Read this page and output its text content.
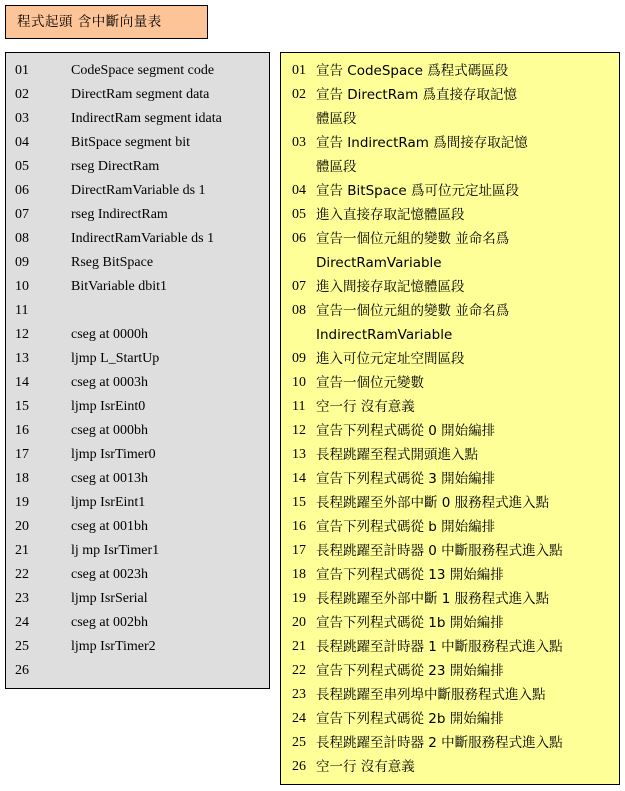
程式起頭 含中斷向量表
01	CodeSpace segment code
02	DirectRam segment data
03	IndirectRam segment idata
04	BitSpace segment bit
05	rseg DirectRam
06	DirectRamVariable ds 1
07	rseg IndirectRam
08	IndirectRamVariable ds 1
09	Rseg BitSpace
10	BitVariable dbit1
11
12	cseg at 0000h
13	ljmp L_StartUp
14	cseg at 0003h
15	ljmp IsrEint0
16	cseg at 000bh
17	ljmp IsrTimer0
18	cseg at 0013h
19	ljmp IsrEint1
20	cseg at 001bh
21	lj mp IsrTimer1
22	cseg at 0023h
23	ljmp IsrSerial
24	cseg at 002bh
25	ljmp IsrTimer2
26
01 宣告 CodeSpace 爲程式碼區段
02 宣告 DirectRam 爲直接存取記憶
體區段
03 宣告 IndirectRam 爲間接存取記憶
體區段
04 宣告 BitSpace 爲可位元定址區段
05 進入直接存取記憶體區段
06 宣告一個位元組的變數 並命名爲
DirectRamVariable
07 進入間接存取記憶體區段
08 宣告一個位元組的變數 並命名爲
IndirectRamVariable
09 進入可位元定址空間區段
10 宣告一個位元變數
11 空一行 沒有意義
12 宣告下列程式碼從 0 開始編排
13 長程跳躍至程式開頭進入點
14 宣告下列程式碼從 3 開始編排
15 長程跳躍至外部中斷 0 服務程式進入點
16 宣告下列程式碼從 b 開始編排
17 長程跳躍至計時器 0 中斷服務程式進入點
18 宣告下列程式碼從 13 開始編排
19 長程跳躍至外部中斷 1 服務程式進入點
20 宣告下列程式碼從 1b 開始編排
21 長程跳躍至計時器 1 中斷服務程式進入點
22 宣告下列程式碼從 23 開始編排
23 長程跳躍至串列埠中斷服務程式進入點
24 宣告下列程式碼從 2b 開始編排
25 長程跳躍至計時器 2 中斷服務程式進入點
26 空一行 沒有意義
